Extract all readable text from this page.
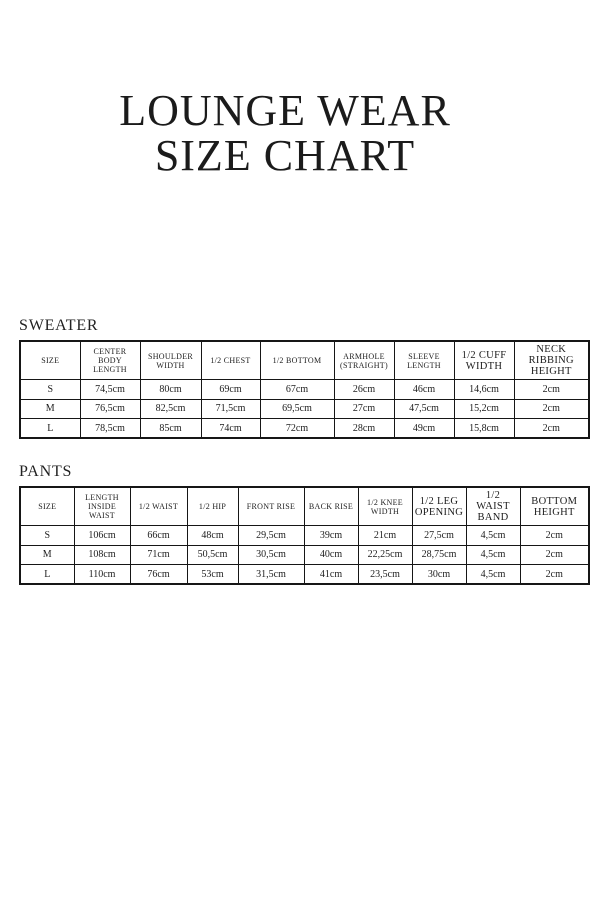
LOUNGE WEAR
SIZE CHART
SWEATER
SIZE	CENTER BODY LENGTH	SHOULDER WIDTH	1/2 CHEST	1/2 BOTTOM	ARMHOLE (STRAIGHT)	SLEEVE LENGTH	1/2 CUFF WIDTH	NECK RIBBING HEIGHT
S	74,5cm	80cm	69cm	67cm	26cm	46cm	14,6cm	2cm
M	76,5cm	82,5cm	71,5cm	69,5cm	27cm	47,5cm	15,2cm	2cm
L	78,5cm	85cm	74cm	72cm	28cm	49cm	15,8cm	2cm
PANTS
SIZE	LENGTH INSIDE WAIST	1/2 WAIST	1/2 HIP	FRONT RISE	BACK RISE	1/2 KNEE WIDTH	1/2 LEG OPENING	1/2 WAIST BAND	BOTTOM HEIGHT
S	106cm	66cm	48cm	29,5cm	39cm	21cm	27,5cm	4,5cm	2cm
M	108cm	71cm	50,5cm	30,5cm	40cm	22,25cm	28,75cm	4,5cm	2cm
L	110cm	76cm	53cm	31,5cm	41cm	23,5cm	30cm	4,5cm	2cm
